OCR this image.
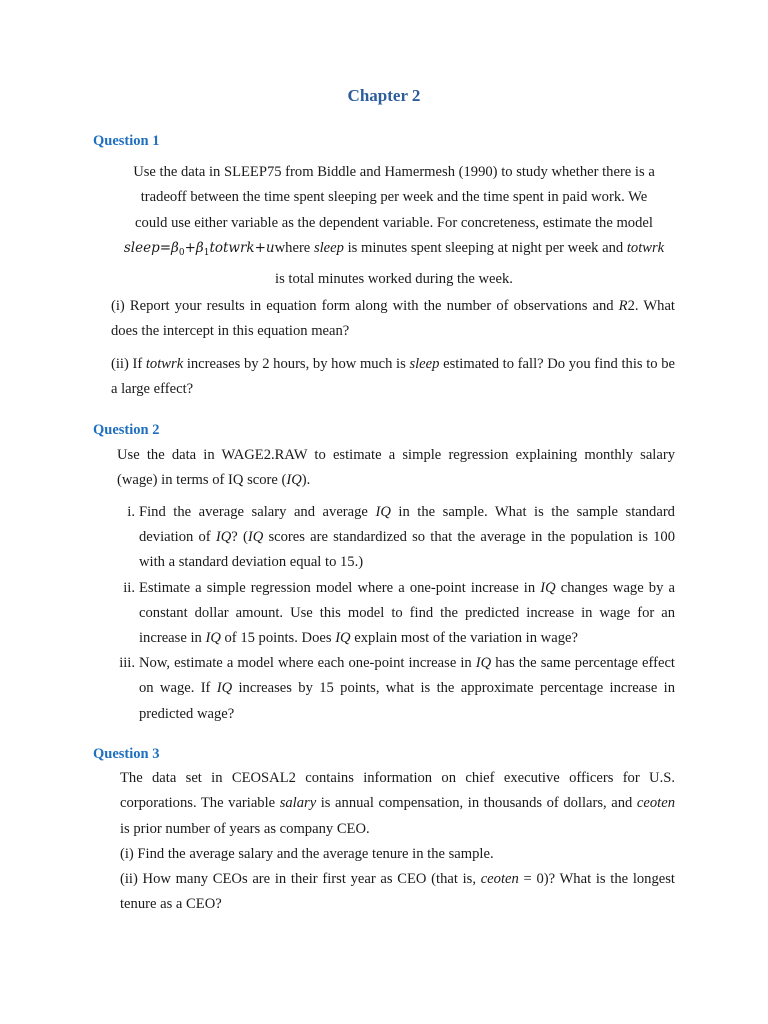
Chapter 2
Question 1
Use the data in SLEEP75 from Biddle and Hamermesh (1990) to study whether there is a
tradeoff between the time spent sleeping per week and the time spent in paid work. We
could use either variable as the dependent variable. For concreteness, estimate the model
$sleep=\beta_0+\beta_1totwrk+uwhere$ sleep is minutes spent sleeping at night per week and totwrk
is total minutes worked during the week.
(i) Report your results in equation form along with the number of observations and R2. What does the intercept in this equation mean?
(ii) If totwrk increases by 2 hours, by how much is sleep estimated to fall? Do you find this to be a large effect?
Question 2
Use the data in WAGE2.RAW to estimate a simple regression explaining monthly salary (wage) in terms of IQ score (IQ).
i. Find the average salary and average IQ in the sample. What is the sample standard deviation of IQ? (IQ scores are standardized so that the average in the population is 100 with a standard deviation equal to 15.)
ii. Estimate a simple regression model where a one-point increase in IQ changes wage by a constant dollar amount. Use this model to find the predicted increase in wage for an increase in IQ of 15 points. Does IQ explain most of the variation in wage?
iii. Now, estimate a model where each one-point increase in IQ has the same percentage effect on wage. If IQ increases by 15 points, what is the approximate percentage increase in predicted wage?
Question 3
The data set in CEOSAL2 contains information on chief executive officers for U.S. corporations. The variable salary is annual compensation, in thousands of dollars, and ceoten is prior number of years as company CEO.
(i) Find the average salary and the average tenure in the sample.
(ii) How many CEOs are in their first year as CEO (that is, ceoten = 0)? What is the longest tenure as a CEO?
